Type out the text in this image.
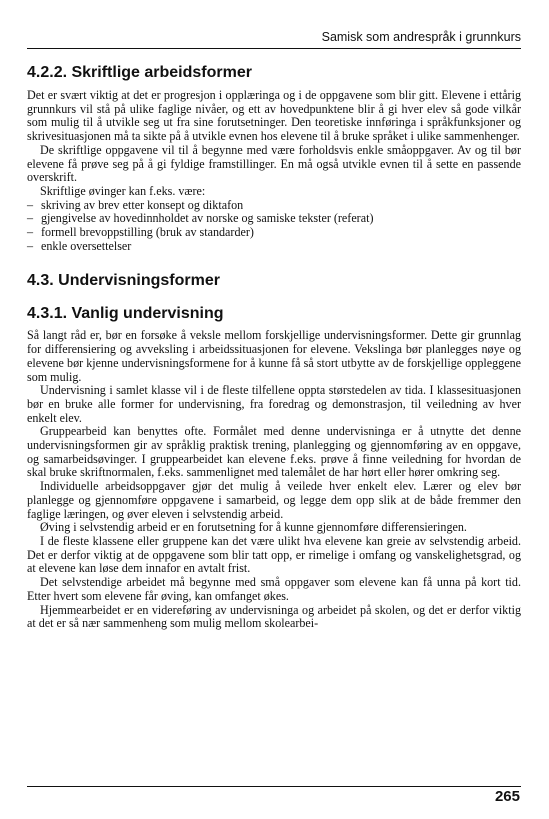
Samisk som andrespråk i grunnkurs
4.2.2. Skriftlige arbeidsformer

Det er svært viktig at det er progresjon i opplæringa og i de oppgavene som blir gitt. Elevene i ettårig grunnkurs vil stå på ulike faglige nivåer, og ett av hovedpunktene blir å gi hver elev så gode vilkår som mulig til å utvikle seg ut fra sine forutsetninger. Den teoretiske innføringa i språkfunksjoner og skrivesituasjonen må ta sikte på å utvikle evnen hos elevene til å bruke språket i ulike sammenhenger.

De skriftlige oppgavene vil til å begynne med være forholdsvis enkle småoppgaver. Av og til bør elevene få prøve seg på å gi fyldige framstillinger. En må også utvikle evnen til å sette en passende overskrift.

Skriftlige øvinger kan f.eks. være:

– skriving av brev etter konsept og diktafon
– gjengivelse av hovedinnholdet av norske og samiske tekster (referat)
– formell brevoppstilling (bruk av standarder)
– enkle oversettelser
4.3. Undervisningsformer
4.3.1. Vanlig undervisning

Så langt råd er, bør en forsøke å veksle mellom forskjellige undervisningsformer. Dette gir grunnlag for differensiering og avveksling i arbeidssituasjonen for elevene. Vekslinga bør planlegges nøye og elevene bør kjenne undervisningsformene for å kunne få så stort utbytte av de forskjellige oppleggene som mulig.

Undervisning i samlet klasse vil i de fleste tilfellene oppta størstedelen av tida. I klassesituasjonen bør en bruke alle former for undervisning, fra foredrag og demonstrasjon, til veiledning av hver enkelt elev.

Gruppearbeid kan benyttes ofte. Formålet med denne undervisninga er å utnytte det denne undervisningsformen gir av språklig praktisk trening, planlegging og gjennomføring av en oppgave, og samarbeidsøvinger. I gruppearbeidet kan elevene f.eks. prøve å finne veiledning for hvordan de skal bruke skriftnormalen, f.eks. sammenlignet med talemålet de har hørt eller hører omkring seg.

Individuelle arbeidsoppgaver gjør det mulig å veilede hver enkelt elev. Lærer og elev bør planlegge og gjennomføre oppgavene i samarbeid, og legge dem opp slik at de både fremmer den faglige læringen, og øver eleven i selvstendig arbeid.

Øving i selvstendig arbeid er en forutsetning for å kunne gjennomføre differensieringen.

I de fleste klassene eller gruppene kan det være ulikt hva elevene kan greie av selvstendig arbeid. Det er derfor viktig at de oppgavene som blir tatt opp, er rimelige i omfang og vanskelighetsgrad, og at elevene kan løse dem innafor en avtalt frist.

Det selvstendige arbeidet må begynne med små oppgaver som elevene kan få unna på kort tid. Etter hvert som elevene får øving, kan omfanget økes.

Hjemmearbeidet er en videreføring av undervisninga og arbeidet på skolen, og det er derfor viktig at det er så nær sammenheng som mulig mellom skolearbei-

265
